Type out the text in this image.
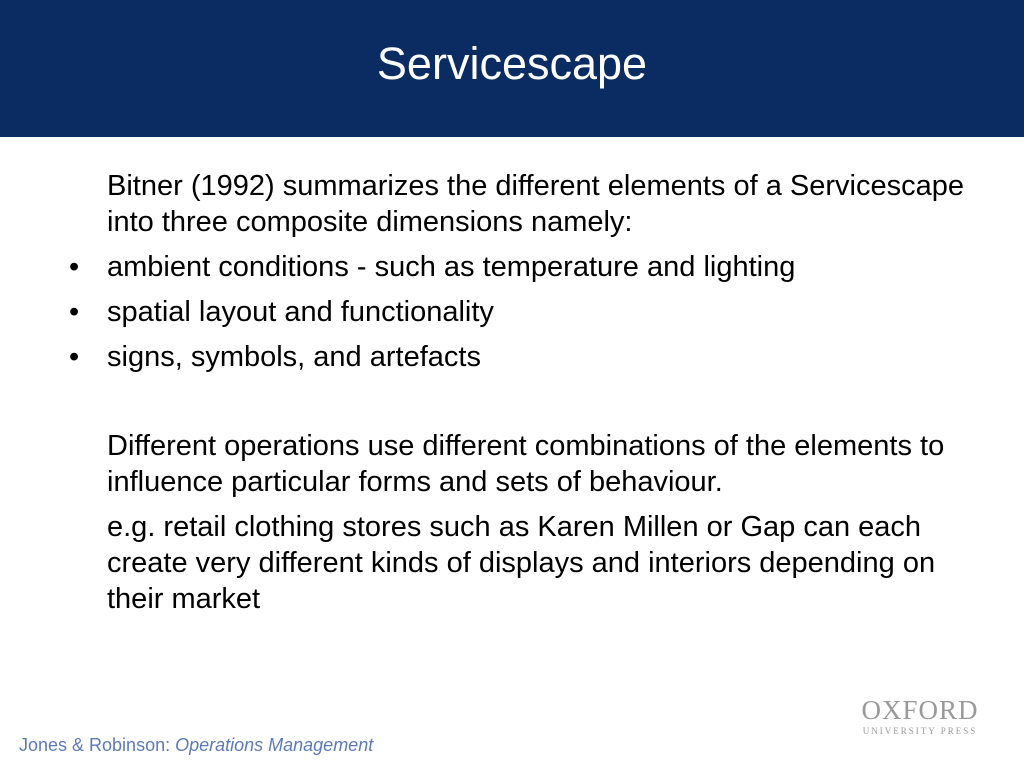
Servicescape

Bitner (1992) summarizes the different elements of a Servicescape into three composite dimensions namely:

• ambient conditions - such as temperature and lighting
• spatial layout and functionality
• signs, symbols, and artefacts

Different operations use different combinations of the elements to influence particular forms and sets of behaviour.

e.g. retail clothing stores such as Karen Millen or Gap can each create very different kinds of displays and interiors depending on their market

Jones & Robinson: Operations Management
OXFORD
UNIVERSITY PRESS
